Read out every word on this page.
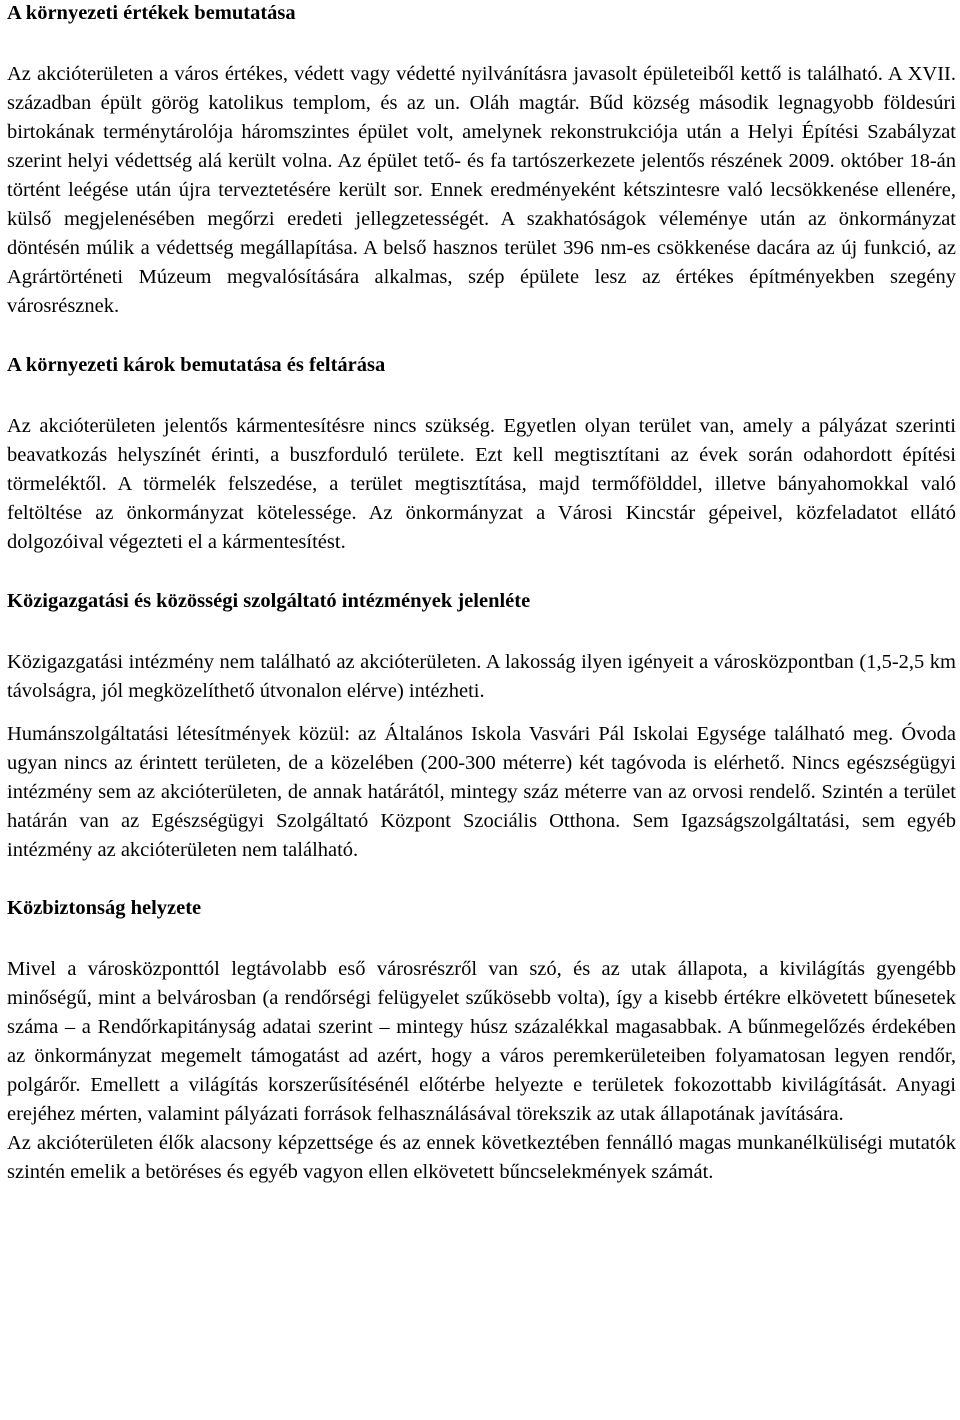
A környezeti értékek bemutatása

Az akcióterületen a város értékes, védett vagy védetté nyilvánításra javasolt épületeiből kettő is található. A XVII. században épült görög katolikus templom, és az un. Oláh magtár. Bűd község második legnagyobb földesúri birtokának terménytárolója háromszintes épület volt, amelynek rekonstrukciója után a Helyi Építési Szabályzat szerint helyi védettség alá került volna. Az épület tető- és fa tartószerkezete jelentős részének 2009. október 18-án történt leégése után újra terveztetésére került sor. Ennek eredményeként kétszintesre való lecsökkenése ellenére, külső megjelenésében megőrzi eredeti jellegzetességét. A szakhatóságok véleménye után az önkormányzat döntésén múlik a védettség megállapítása. A belső hasznos terület 396 nm-es csökkenése dacára az új funkció, az Agrártörténeti Múzeum megvalósítására alkalmas, szép épülete lesz az értékes építményekben szegény városrésznek.

A környezeti károk bemutatása és feltárása

Az akcióterületen jelentős kármentesítésre nincs szükség. Egyetlen olyan terület van, amely a pályázat szerinti beavatkozás helyszínét érinti, a buszforduló területe. Ezt kell megtisztítani az évek során odahordott építési törmeléktől. A törmelék felszedése, a terület megtisztítása, majd termőfölddel, illetve bányahomokkal való feltöltése az önkormányzat kötelessége. Az önkormányzat a Városi Kincstár gépeivel, közfeladatot ellátó dolgozóival végezteti el a kármentesítést.

Közigazgatási és közösségi szolgáltató intézmények jelenléte

Közigazgatási intézmény nem található az akcióterületen. A lakosság ilyen igényeit a városközpontban (1,5-2,5 km távolságra, jól megközelíthető útvonalon elérve) intézheti.

Humánszolgáltatási létesítmények közül: az Általános Iskola Vasvári Pál Iskolai Egysége található meg. Óvoda ugyan nincs az érintett területen, de a közelében (200-300 méterre) két tagóvoda is elérhető. Nincs egészségügyi intézmény sem az akcióterületen, de annak határától, mintegy száz méterre van az orvosi rendelő. Szintén a terület határán van az Egészségügyi Szolgáltató Központ Szociális Otthona. Sem Igazságszolgáltatási, sem egyéb intézmény az akcióterületen nem található.

Közbiztonság helyzete

Mivel a városközponttól legtávolabb eső városrészről van szó, és az utak állapota, a kivilágítás gyengébb minőségű, mint a belvárosban (a rendőrségi felügyelet szűkösebb volta), így a kisebb értékre elkövetett bűnesetek száma – a Rendőrkapitányság adatai szerint – mintegy húsz százalékkal magasabbak. A bűnmegelőzés érdekében az önkormányzat megemelt támogatást ad azért, hogy a város peremkerületeiben folyamatosan legyen rendőr, polgárőr. Emellett a világítás korszerűsítésénél előtérbe helyezte e területek fokozottabb kivilágítását. Anyagi erejéhez mérten, valamint pályázati források felhasználásával törekszik az utak állapotának javítására.

Az akcióterületen élők alacsony képzettsége és az ennek következtében fennálló magas munkanélküliségi mutatók szintén emelik a betöréses és egyéb vagyon ellen elkövetett bűncselekmények számát.
